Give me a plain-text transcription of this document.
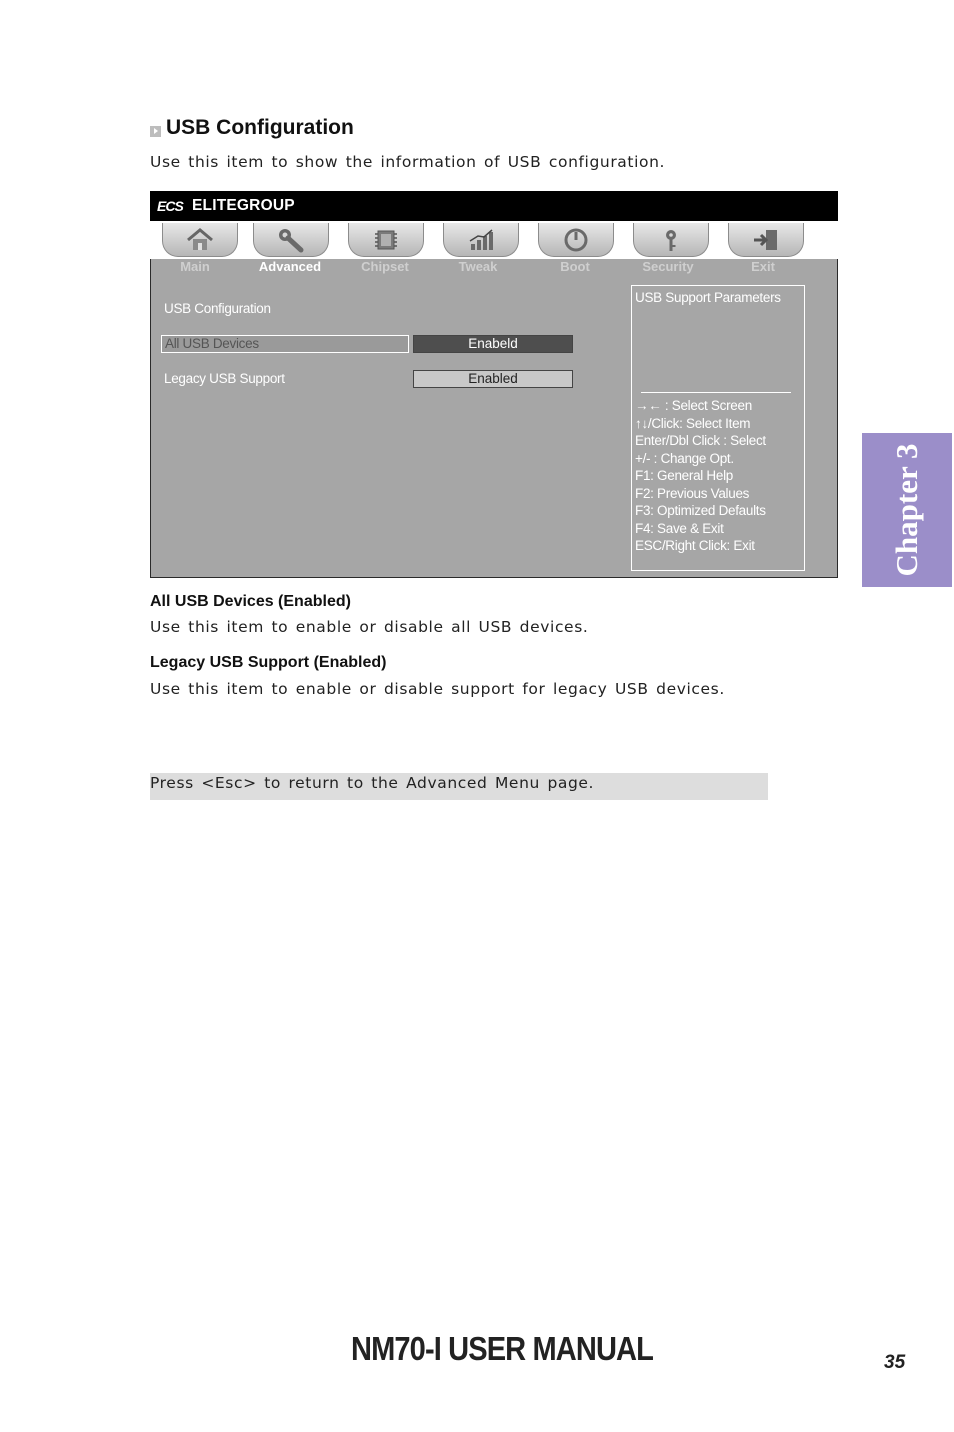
USB Configuration
Use this item to show the information of USB configuration.
ECS ELITEGROUP
Main	Advanced	Chipset	Tweak	Boot	Security	Exit
USB Configuration
All USB Devices	Enabeld
Legacy USB Support	Enabled
USB Support Parameters
→← : Select Screen
↑↓/Click: Select Item
Enter/Dbl Click : Select
+/- : Change Opt.
F1: General Help
F2: Previous Values
F3: Optimized Defaults
F4: Save & Exit
ESC/Right Click: Exit	Chapter 3
All USB Devices (Enabled)
Use this item to enable or disable all USB devices.
Legacy USB Support (Enabled)
Use this item to enable or disable support for legacy USB devices.
Press <Esc> to return to the Advanced Menu page.
NM70-I USER MANUAL	35
